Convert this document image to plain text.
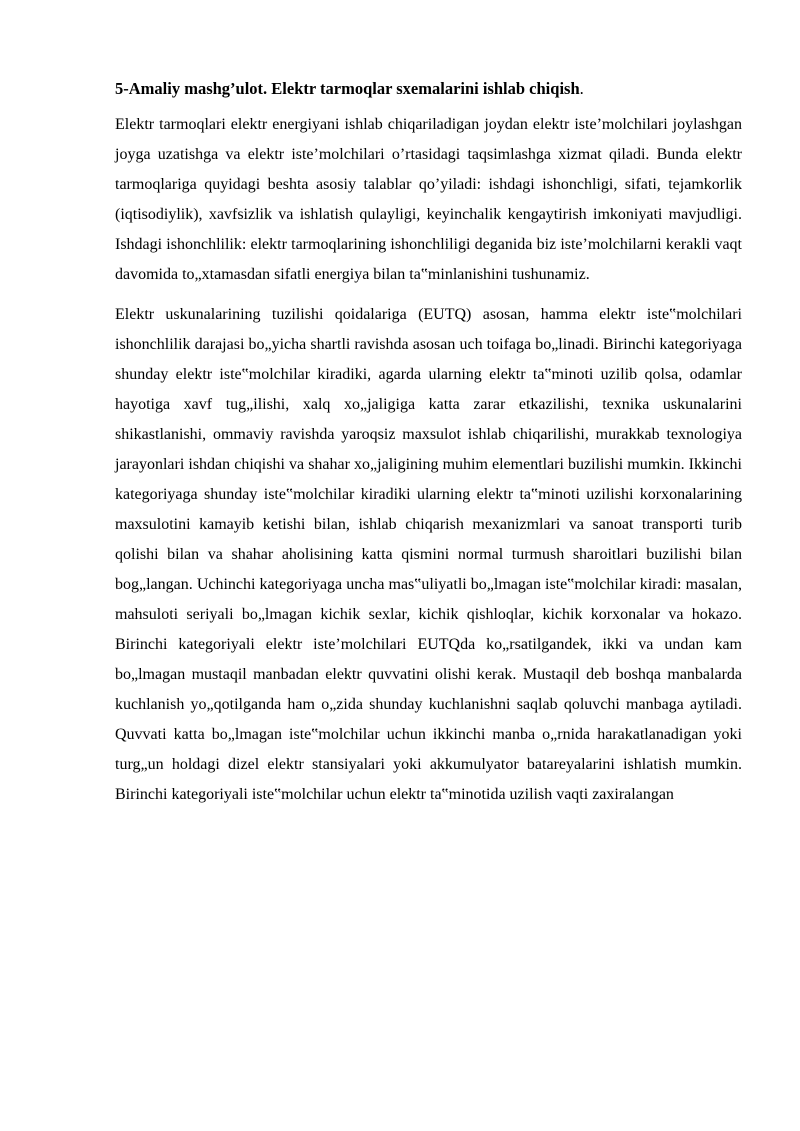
5-Amaliy mashg’ulot. Elektr tarmoqlar sxemalarini ishlab chiqish.

Elektr tarmoqlari elektr energiyani ishlab chiqariladigan joydan elektr iste’molchilari joylashgan joyga uzatishga va elektr iste’molchilari o’rtasidagi taqsimlashga xizmat qiladi. Bunda elektr tarmoqlariga quyidagi beshta asosiy talablar qo’yiladi: ishdagi ishonchligi, sifati, tejamkorlik (iqtisodiylik), xavfsizlik va ishlatish qulayligi, keyinchalik kengaytirish imkoniyati mavjudligi. Ishdagi ishonchlilik: elektr tarmoqlarining ishonchliligi deganida biz iste’molchilarni kerakli vaqt davomida to„xtamasdan sifatli energiya bilan ta‟minlanishini tushunamiz.

Elektr uskunalarining tuzilishi qoidalariga (EUTQ) asosan, hamma elektr iste‟molchilari ishonchlilik darajasi bo„yicha shartli ravishda asosan uch toifaga bo„linadi. Birinchi kategoriyaga shunday elektr iste‟molchilar kiradiki, agarda ularning elektr ta‟minoti uzilib qolsa, odamlar hayotiga xavf tug„ilishi, xalq xo„jaligiga katta zarar etkazilishi, texnika uskunalarini shikastlanishi, ommaviy ravishda yaroqsiz maxsulot ishlab chiqarilishi, murakkab texnologiya jarayonlari ishdan chiqishi va shahar xo„jaligining muhim elementlari buzilishi mumkin. Ikkinchi kategoriyaga shunday iste‟molchilar kiradiki ularning elektr ta‟minoti uzilishi korxonalarining maxsulotini kamayib ketishi bilan, ishlab chiqarish mexanizmlari va sanoat transporti turib qolishi bilan va shahar aholisining katta qismini normal turmush sharoitlari buzilishi bilan bog„langan. Uchinchi kategoriyaga uncha mas‟uliyatli bo„lmagan iste‟molchilar kiradi: masalan, mahsuloti seriyali bo„lmagan kichik sexlar, kichik qishloqlar, kichik korxonalar va hokazo. Birinchi kategoriyali elektr iste’molchilari EUTQda ko„rsatilgandek, ikki va undan kam bo„lmagan mustaqil manbadan elektr quvvatini olishi kerak. Mustaqil deb boshqa manbalarda kuchlanish yo„qotilganda ham o„zida shunday kuchlanishni saqlab qoluvchi manbaga aytiladi. Quvvati katta bo„lmagan iste‟molchilar uchun ikkinchi manba o„rnida harakatlanadigan yoki turg„un holdagi dizel elektr stansiyalari yoki akkumulyator batareyalarini ishlatish mumkin. Birinchi kategoriyali iste‟molchilar uchun elektr ta‟minotida uzilish vaqti zaxiralangan
